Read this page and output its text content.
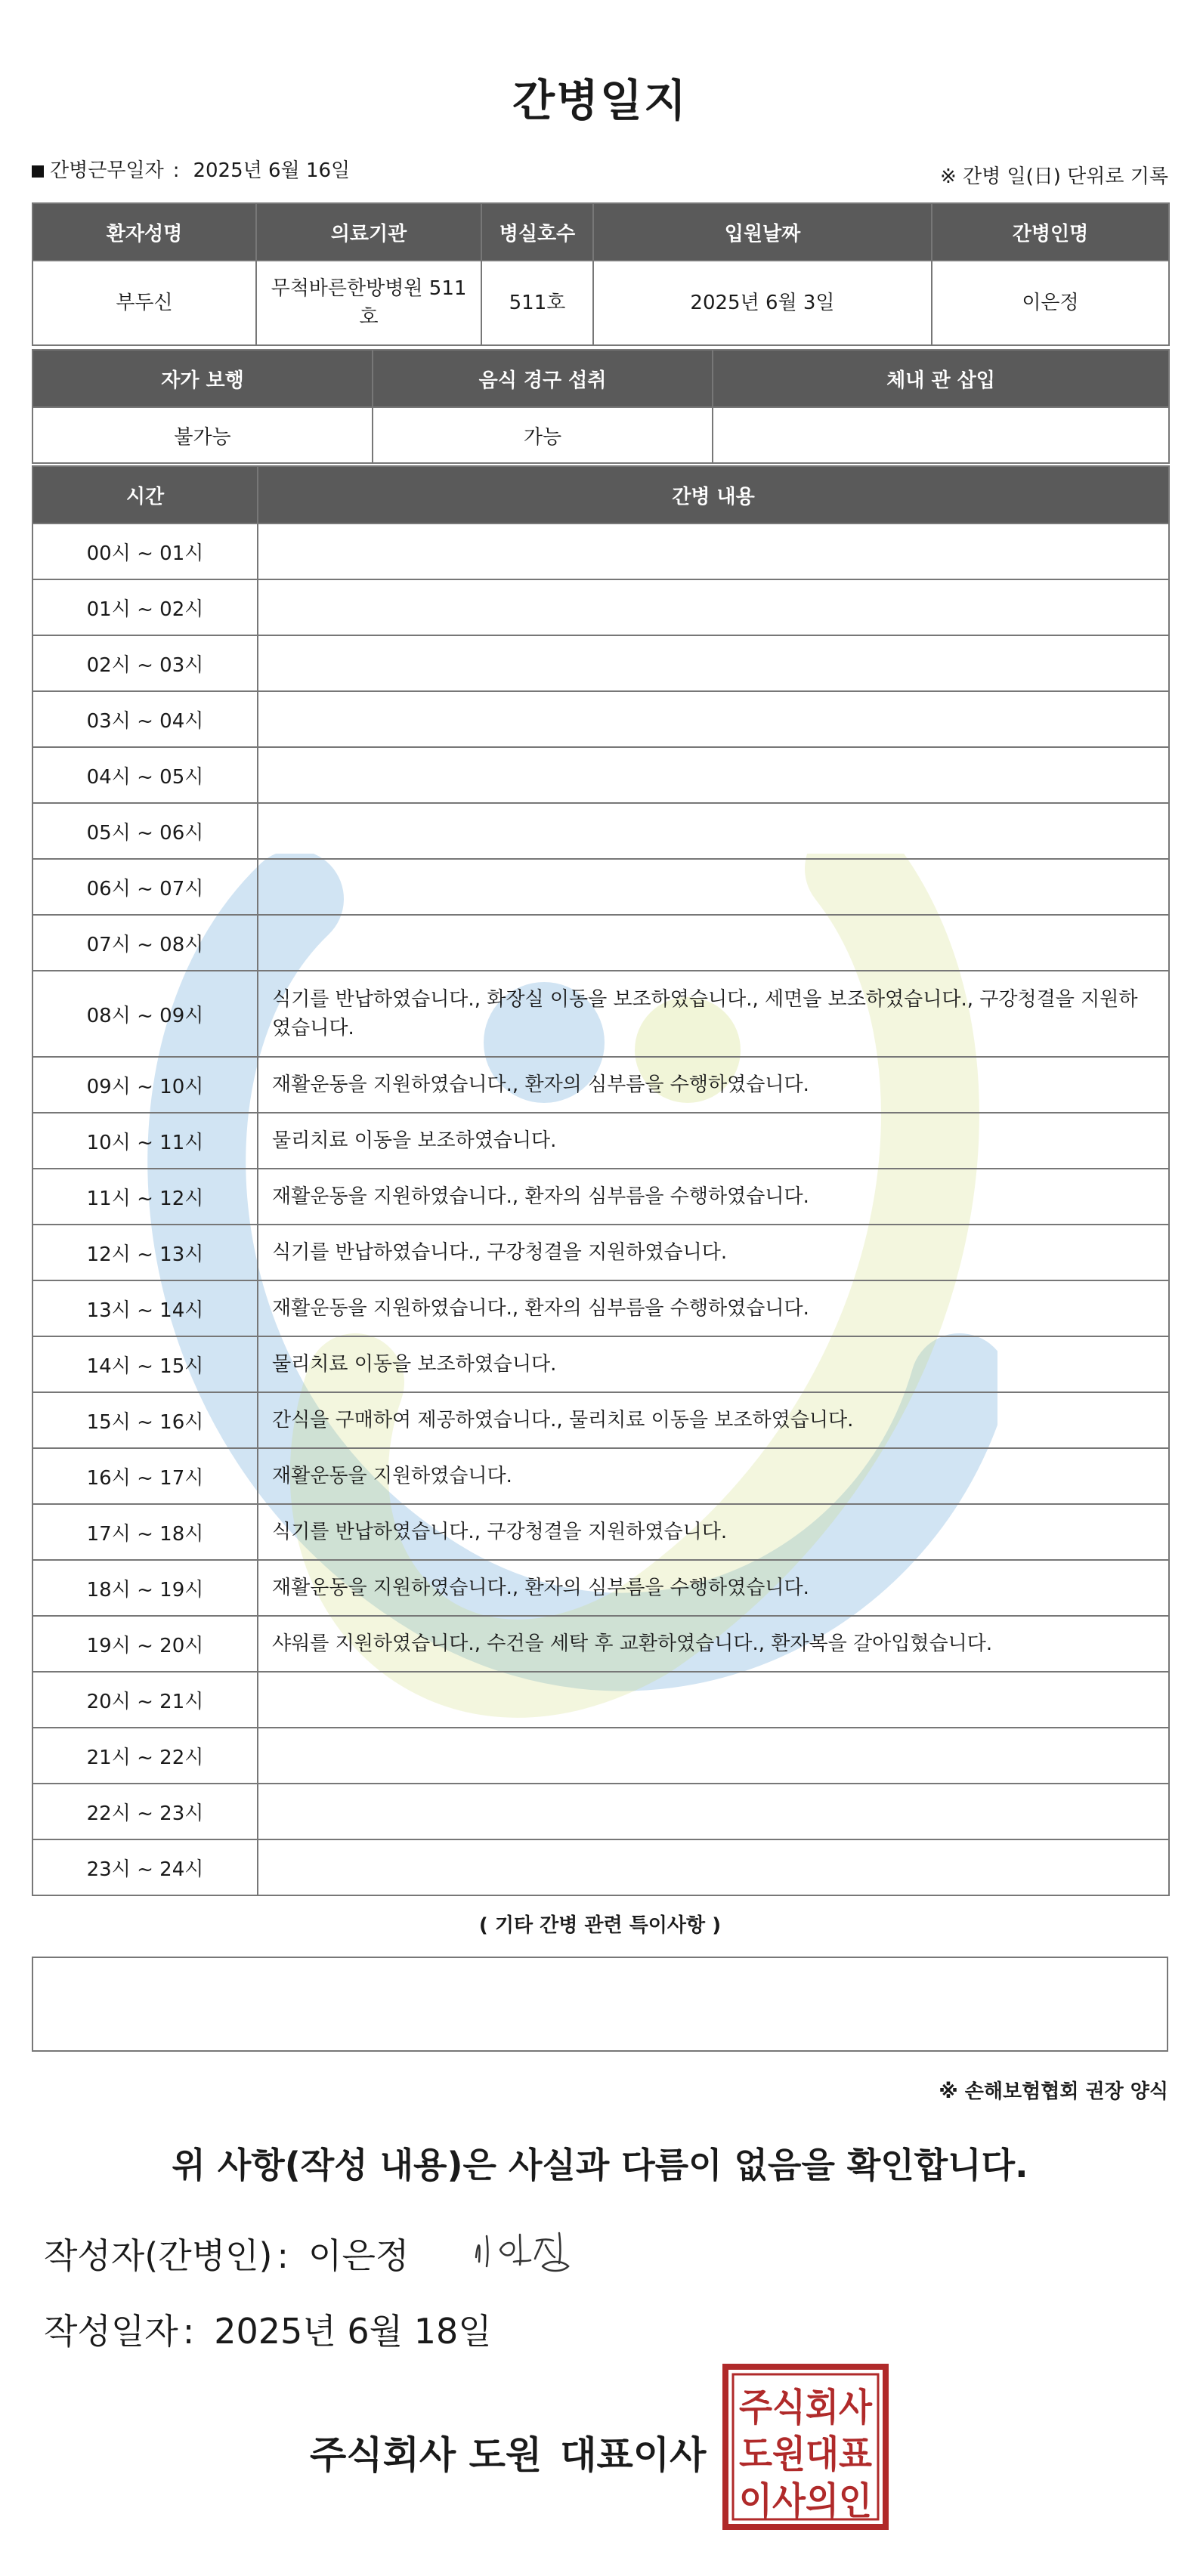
간병일지
간병근무일자 : 2025년 6월 16일	※ 간병 일(日) 단위로 기록
환자성명	의료기관	병실호수	입원날짜	간병인명
부두신	무척바른한방병원 511호	511호	2025년 6월 3일	이은정
자가 보행	음식 경구 섭취	체내 관 삽입
불가능	가능	
시간	간병 내용
00시 ~ 01시	
01시 ~ 02시	
02시 ~ 03시	
03시 ~ 04시	
04시 ~ 05시	
05시 ~ 06시	
06시 ~ 07시	
07시 ~ 08시	
08시 ~ 09시	식기를 반납하였습니다., 화장실 이동을 보조하였습니다., 세면을 보조하였습니다., 구강청결을 지원하였습니다.
09시 ~ 10시	재활운동을 지원하였습니다., 환자의 심부름을 수행하였습니다.
10시 ~ 11시	물리치료 이동을 보조하였습니다.
11시 ~ 12시	재활운동을 지원하였습니다., 환자의 심부름을 수행하였습니다.
12시 ~ 13시	식기를 반납하였습니다., 구강청결을 지원하였습니다.
13시 ~ 14시	재활운동을 지원하였습니다., 환자의 심부름을 수행하였습니다.
14시 ~ 15시	물리치료 이동을 보조하였습니다.
15시 ~ 16시	간식을 구매하여 제공하였습니다., 물리치료 이동을 보조하였습니다.
16시 ~ 17시	재활운동을 지원하였습니다.
17시 ~ 18시	식기를 반납하였습니다., 구강청결을 지원하였습니다.
18시 ~ 19시	재활운동을 지원하였습니다., 환자의 심부름을 수행하였습니다.
19시 ~ 20시	샤워를 지원하였습니다., 수건을 세탁 후 교환하였습니다., 환자복을 갈아입혔습니다.
20시 ~ 21시	
21시 ~ 22시	
22시 ~ 23시	
23시 ~ 24시	
( 기타 간병 관련 특이사항 )
※ 손해보험협회 권장 양식
위 사항(작성 내용)은 사실과 다름이 없음을 확인합니다.
작성자(간병인) : 이은정
작성일자 : 2025년 6월 18일
주식회사 도원 대표이사
주식회사
도원대표
이사의인
